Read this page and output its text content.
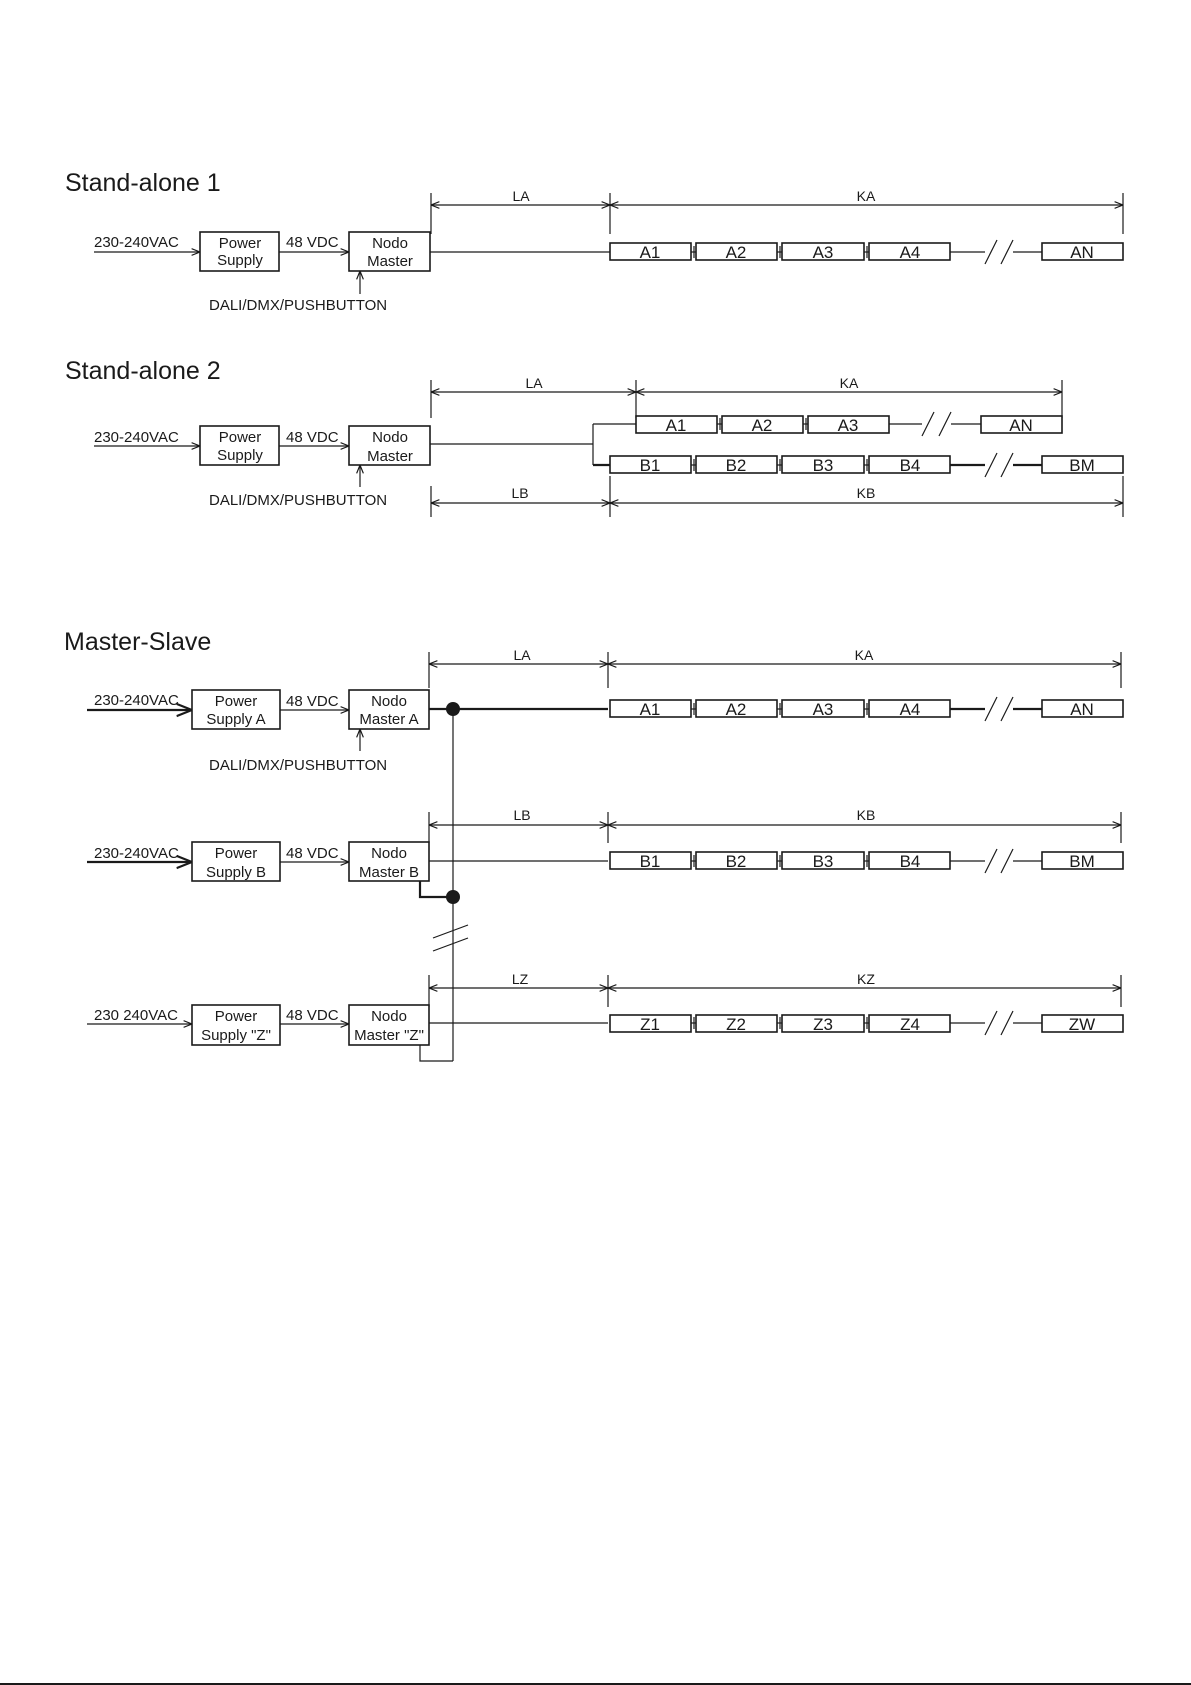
Stand-alone 1	LA	KA
230-240VAC	Power
Supply
48 VDC Nodo
Master
DALI/DMX/PUSHBUTTON
A1	A2	A3	A4	AN
Stand-alone 2	LA	KA
230-240VAC	Power
Supply
48 VDC Nodo
Master
DALI/DMX/PUSHBUTTON
A1	A2	A3	AN
B1	B2	B3	B4	BM
LB	KB
Master-Slave	LA	KA
230-240VAC Power
Supply A
48 VDC Nodo
Master A
DALI/DMX/PUSHBUTTON
A1	A2	A3	A4	AN
LB	KB
230-240VAC Power
Supply B
48 VDC Nodo
Master B
B1	B2	B3	B4	BM
LZ	KZ
230 240VAC Power
Supply "Z"
48 VDC Nodo
Master "Z"
Z1	Z2	Z3	Z4	ZW
